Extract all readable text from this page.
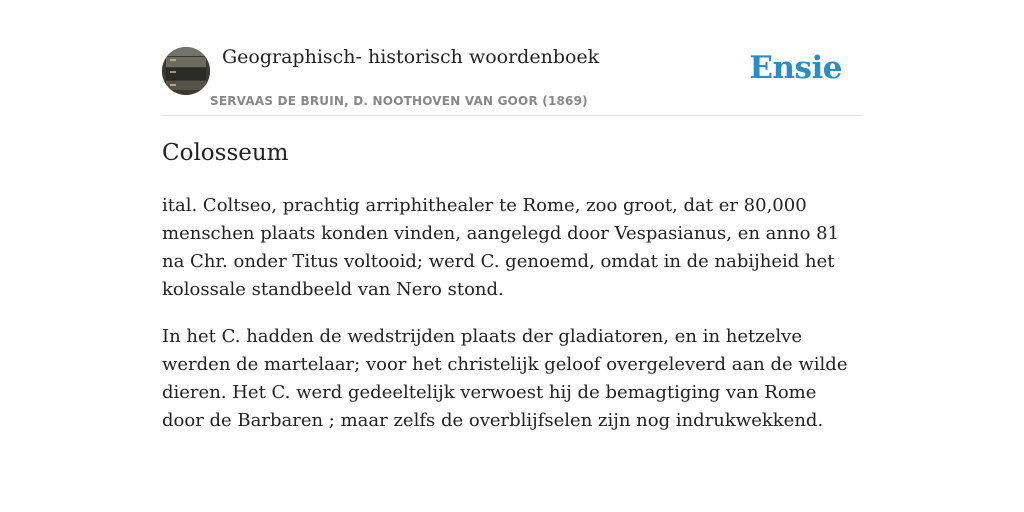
Geographisch- historisch woordenboek
SERVAAS DE BRUIN, D. NOOTHOVEN VAN GOOR (1869)
Ensie
Colosseum

ital. Coltseo, prachtig arriphithealer te Rome, zoo groot, dat er 80,000 menschen plaats konden vinden, aangelegd door Vespasianus, en anno 81 na Chr. onder Titus voltooid; werd C. genoemd, omdat in de nabijheid het kolossale standbeeld van Nero stond.

In het C. hadden de wedstrijden plaats der gladiatoren, en in hetzelve werden de martelaar; voor het christelijk geloof overgeleverd aan de wilde dieren. Het C. werd gedeeltelijk verwoest hij de bemagtiging van Rome door de Barbaren ; maar zelfs de overblijfselen zijn nog indrukwekkend.
